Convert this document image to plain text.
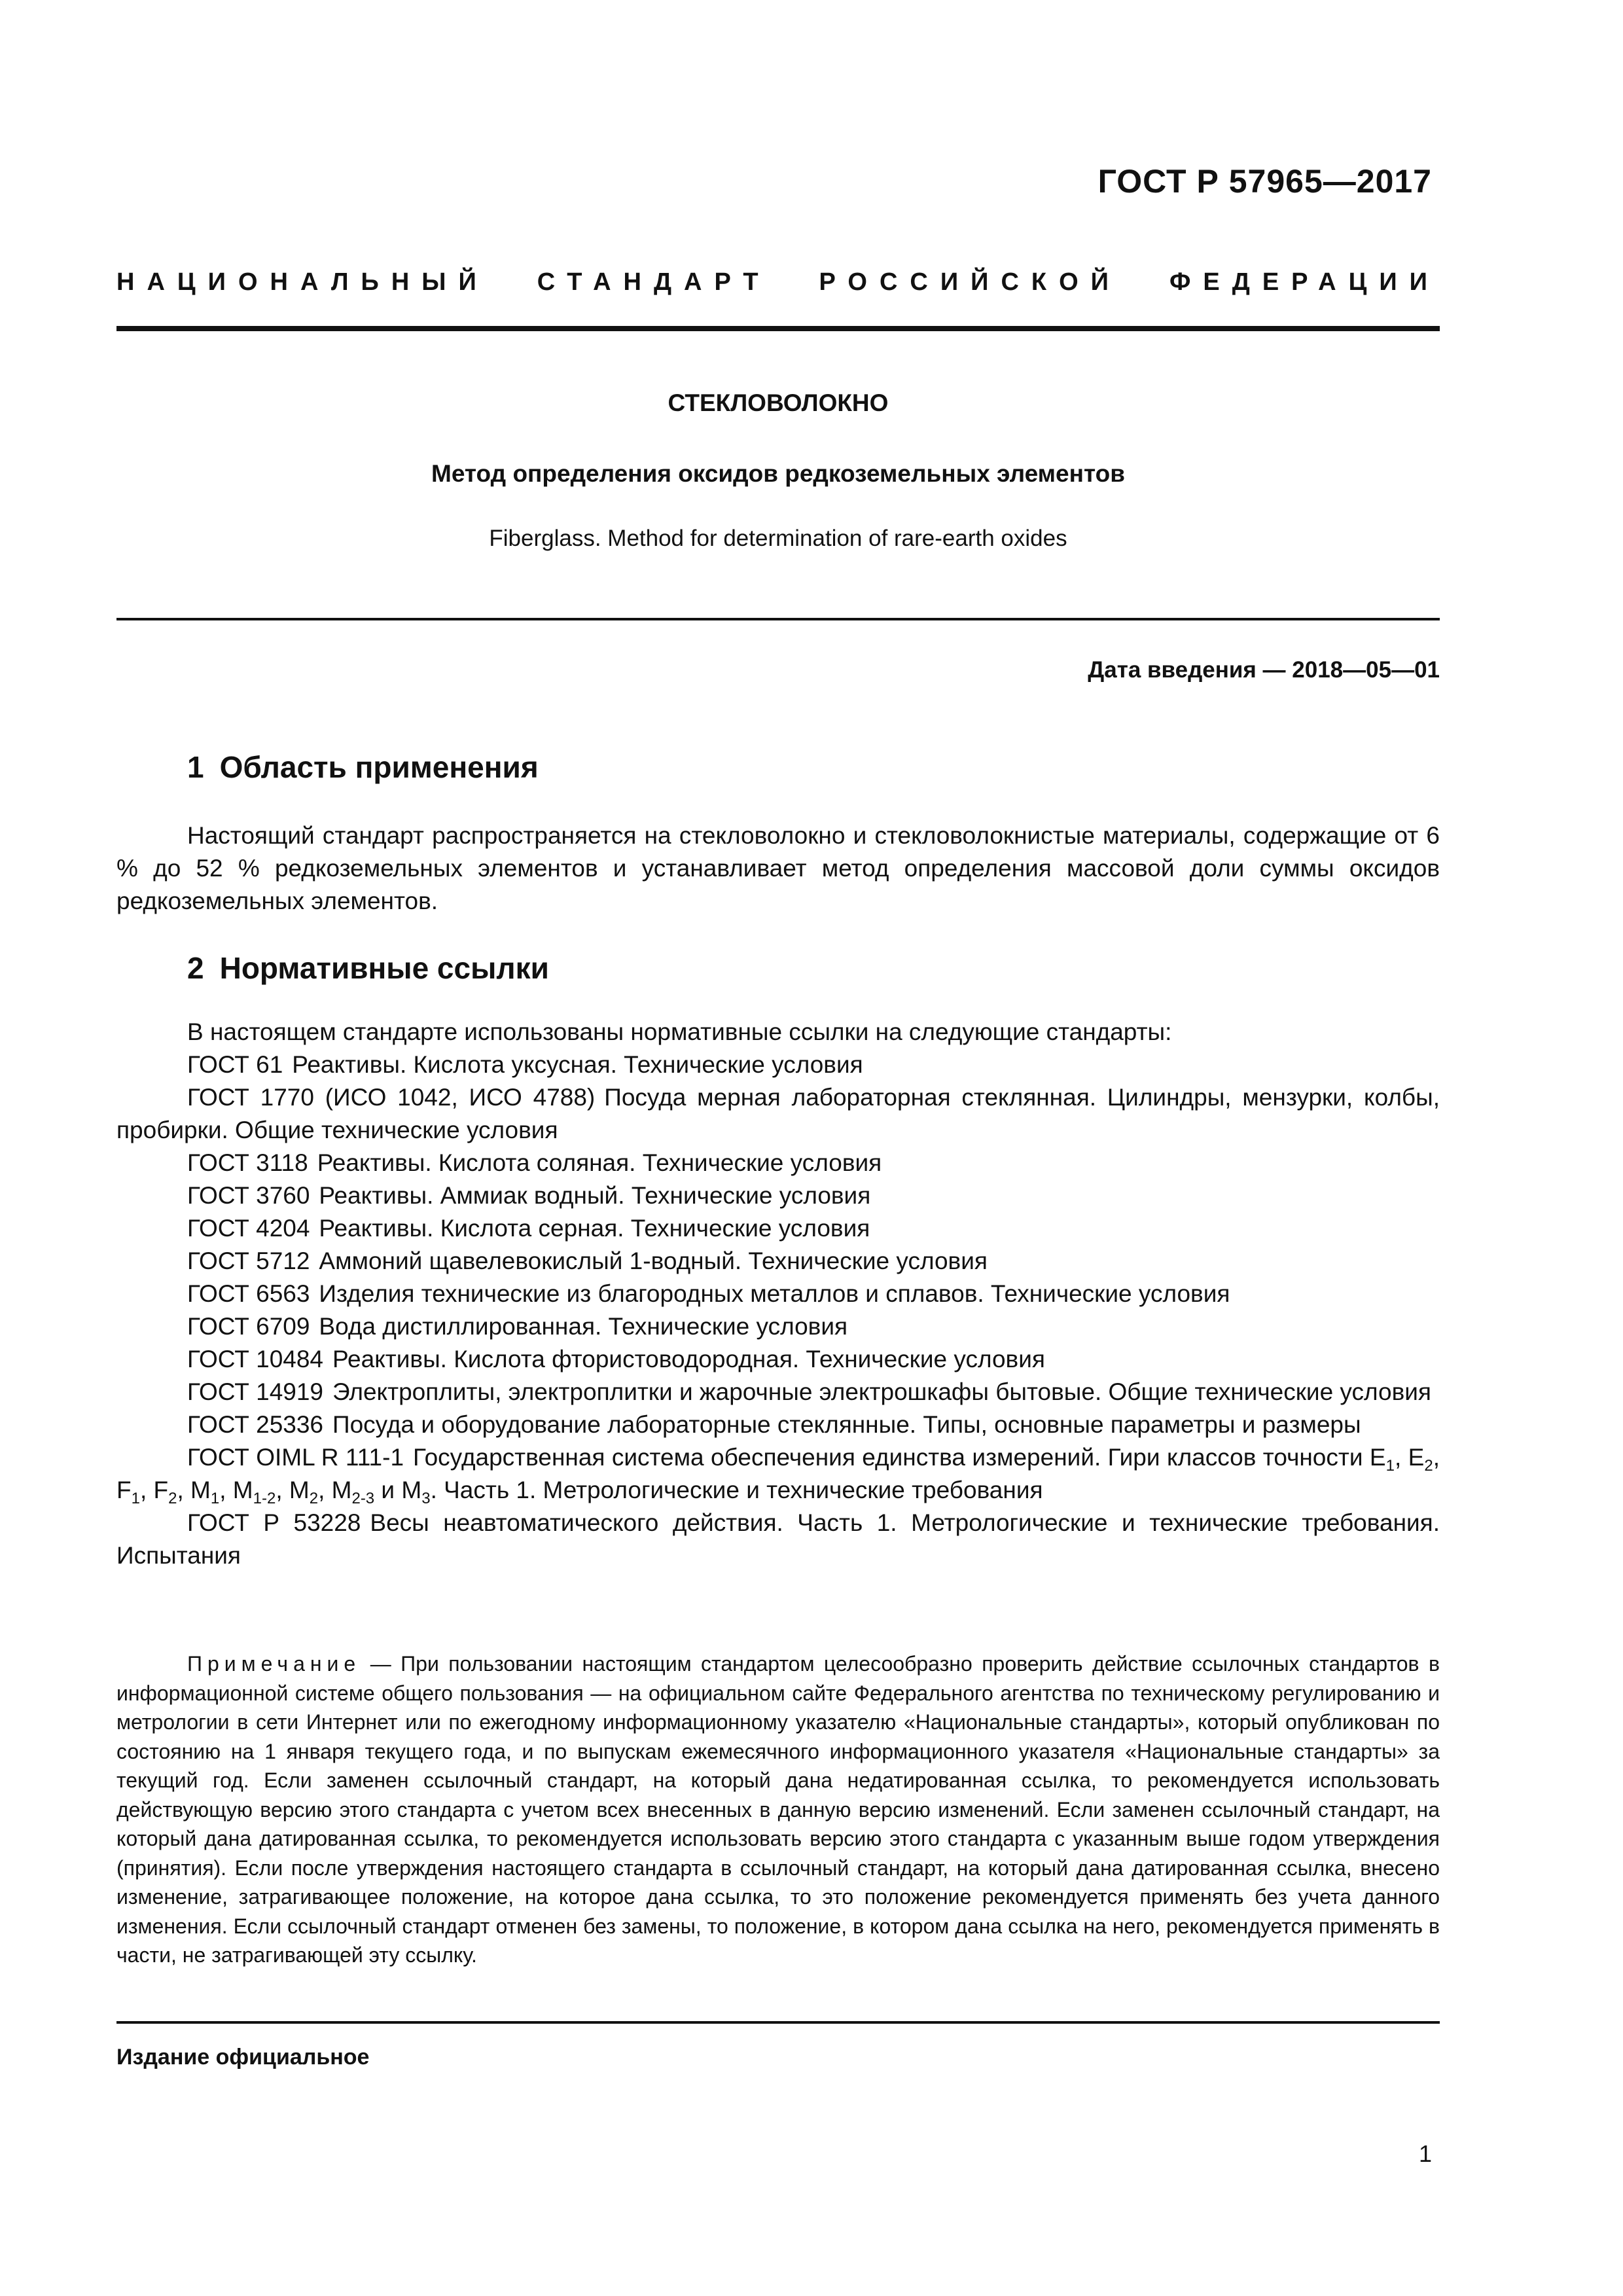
ГОСТ Р 57965—2017
НАЦИОНАЛЬНЫЙ СТАНДАРТ РОССИЙСКОЙ ФЕДЕРАЦИИ
СТЕКЛОВОЛОКНО
Метод определения оксидов редкоземельных элементов
Fiberglass. Method for determination of rare-earth oxides
Дата введения — 2018—05—01
1 Область применения
Настоящий стандарт распространяется на стекловолокно и стекловолокнистые материалы, содержащие от 6 % до 52 % редкоземельных элементов и устанавливает метод определения массовой доли суммы оксидов редкоземельных элементов.
2 Нормативные ссылки

В настоящем стандарте использованы нормативные ссылки на следующие стандарты:

ГОСТ 61 Реактивы. Кислота уксусная. Технические условия

ГОСТ 1770 (ИСО 1042, ИСО 4788) Посуда мерная лабораторная стеклянная. Цилиндры, мензурки, колбы, пробирки. Общие технические условия

ГОСТ 3118 Реактивы. Кислота соляная. Технические условия

ГОСТ 3760 Реактивы. Аммиак водный. Технические условия

ГОСТ 4204 Реактивы. Кислота серная. Технические условия

ГОСТ 5712 Аммоний щавелевокислый 1-водный. Технические условия

ГОСТ 6563 Изделия технические из благородных металлов и сплавов. Технические условия

ГОСТ 6709 Вода дистиллированная. Технические условия

ГОСТ 10484 Реактивы. Кислота фтористоводородная. Технические условия

ГОСТ 14919 Электроплиты, электроплитки и жарочные электрошкафы бытовые. Общие технические условия

ГОСТ 25336 Посуда и оборудование лабораторные стеклянные. Типы, основные параметры и размеры

ГОСТ OIML R 111-1 Государственная система обеспечения единства измерений. Гири классов точности $E_1$, $E_2$, $F_1$, $F_2$, $M_1$, $M_{1-2}$, $M_2$, $M_{2-3}$ и $M_3$. Часть 1. Метрологические и технические требования

ГОСТ Р 53228 Весы неавтоматического действия. Часть 1. Метрологические и технические требования. Испытания

Примечание — При пользовании настоящим стандартом целесообразно проверить действие ссылочных стандартов в информационной системе общего пользования — на официальном сайте Федерального агентства по техническому регулированию и метрологии в сети Интернет или по ежегодному информационному указателю «Национальные стандарты», который опубликован по состоянию на 1 января текущего года, и по выпускам ежемесячного информационного указателя «Национальные стандарты» за текущий год. Если заменен ссылочный стандарт, на который дана недатированная ссылка, то рекомендуется использовать действующую версию этого стандарта с учетом всех внесенных в данную версию изменений. Если заменен ссылочный стандарт, на который дана датированная ссылка, то рекомендуется использовать версию этого стандарта с указанным выше годом утверждения (принятия). Если после утверждения настоящего стандарта в ссылочный стандарт, на который дана датированная ссылка, внесено изменение, затрагивающее положение, на которое дана ссылка, то это положение рекомендуется применять без учета данного изменения. Если ссылочный стандарт отменен без замены, то положение, в котором дана ссылка на него, рекомендуется применять в части, не затрагивающей эту ссылку.
Издание официальное
1
